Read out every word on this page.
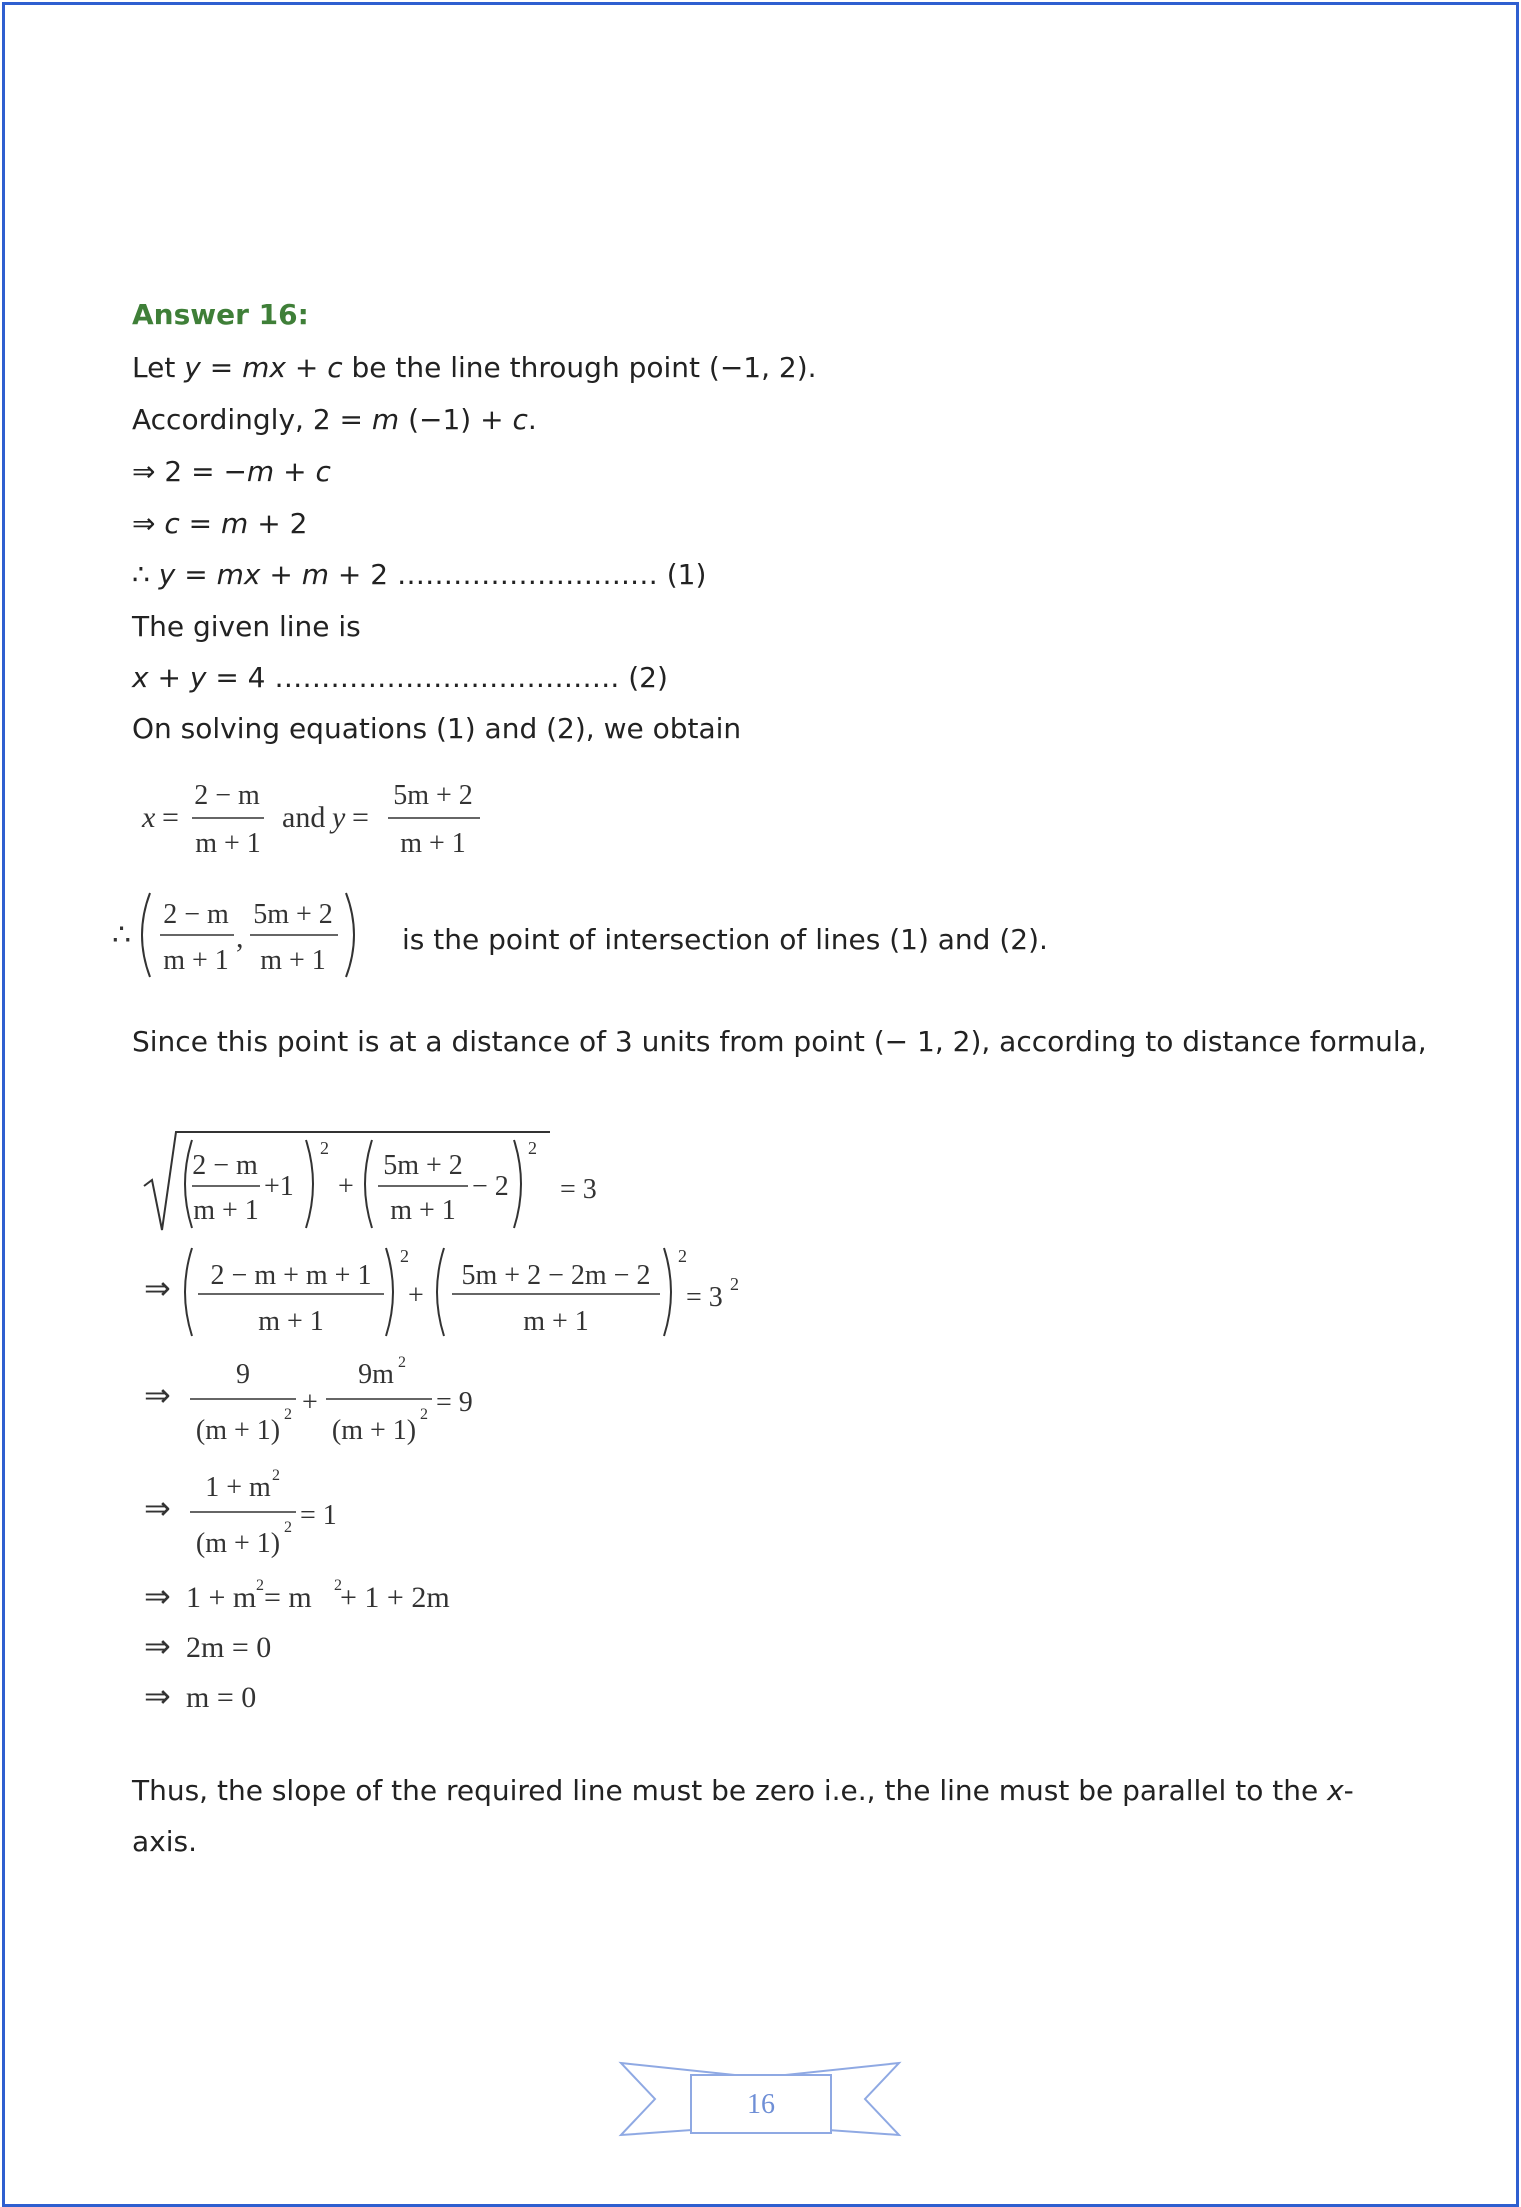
Answer 16:
Let y = mx + c be the line through point (−1, 2).
Accordingly, 2 = m (−1) + c.
⇒ 2 = −m + c
⇒ c = m + 2
∴ y = mx + m + 2 …………………….… (1)
The given line is
x + y = 4 ………………………………. (2)
On solving equations (1) and (2), we obtain
x =
2 − m
m + 1
and y =
5m + 2
m + 1
∴
2 − m
m + 1
,
5m + 2
m + 1
is the point of intersection of lines (1) and (2).
Since this point is at a distance of 3 units from point (− 1, 2), according to distance formula,
2 − m
m + 1
+1
2
+
5m + 2
m + 1
− 2
2
= 3
⇒ 2 − m + m + 1
m + 1
2
+
5m + 2 − 2m − 2
m + 1
2
= 3 2
⇒
9
(m + 1)
2 +
9m 2
(m + 1)
2 = 9
⇒
1 + m 2
(m + 1)
2 = 1
⇒ 1 + m 2 = m 2
+ 1 + 2m
⇒ 2m = 0
⇒ m = 0
Thus, the slope of the required line must be zero i.e., the line must be parallel to the x-
axis.
16
